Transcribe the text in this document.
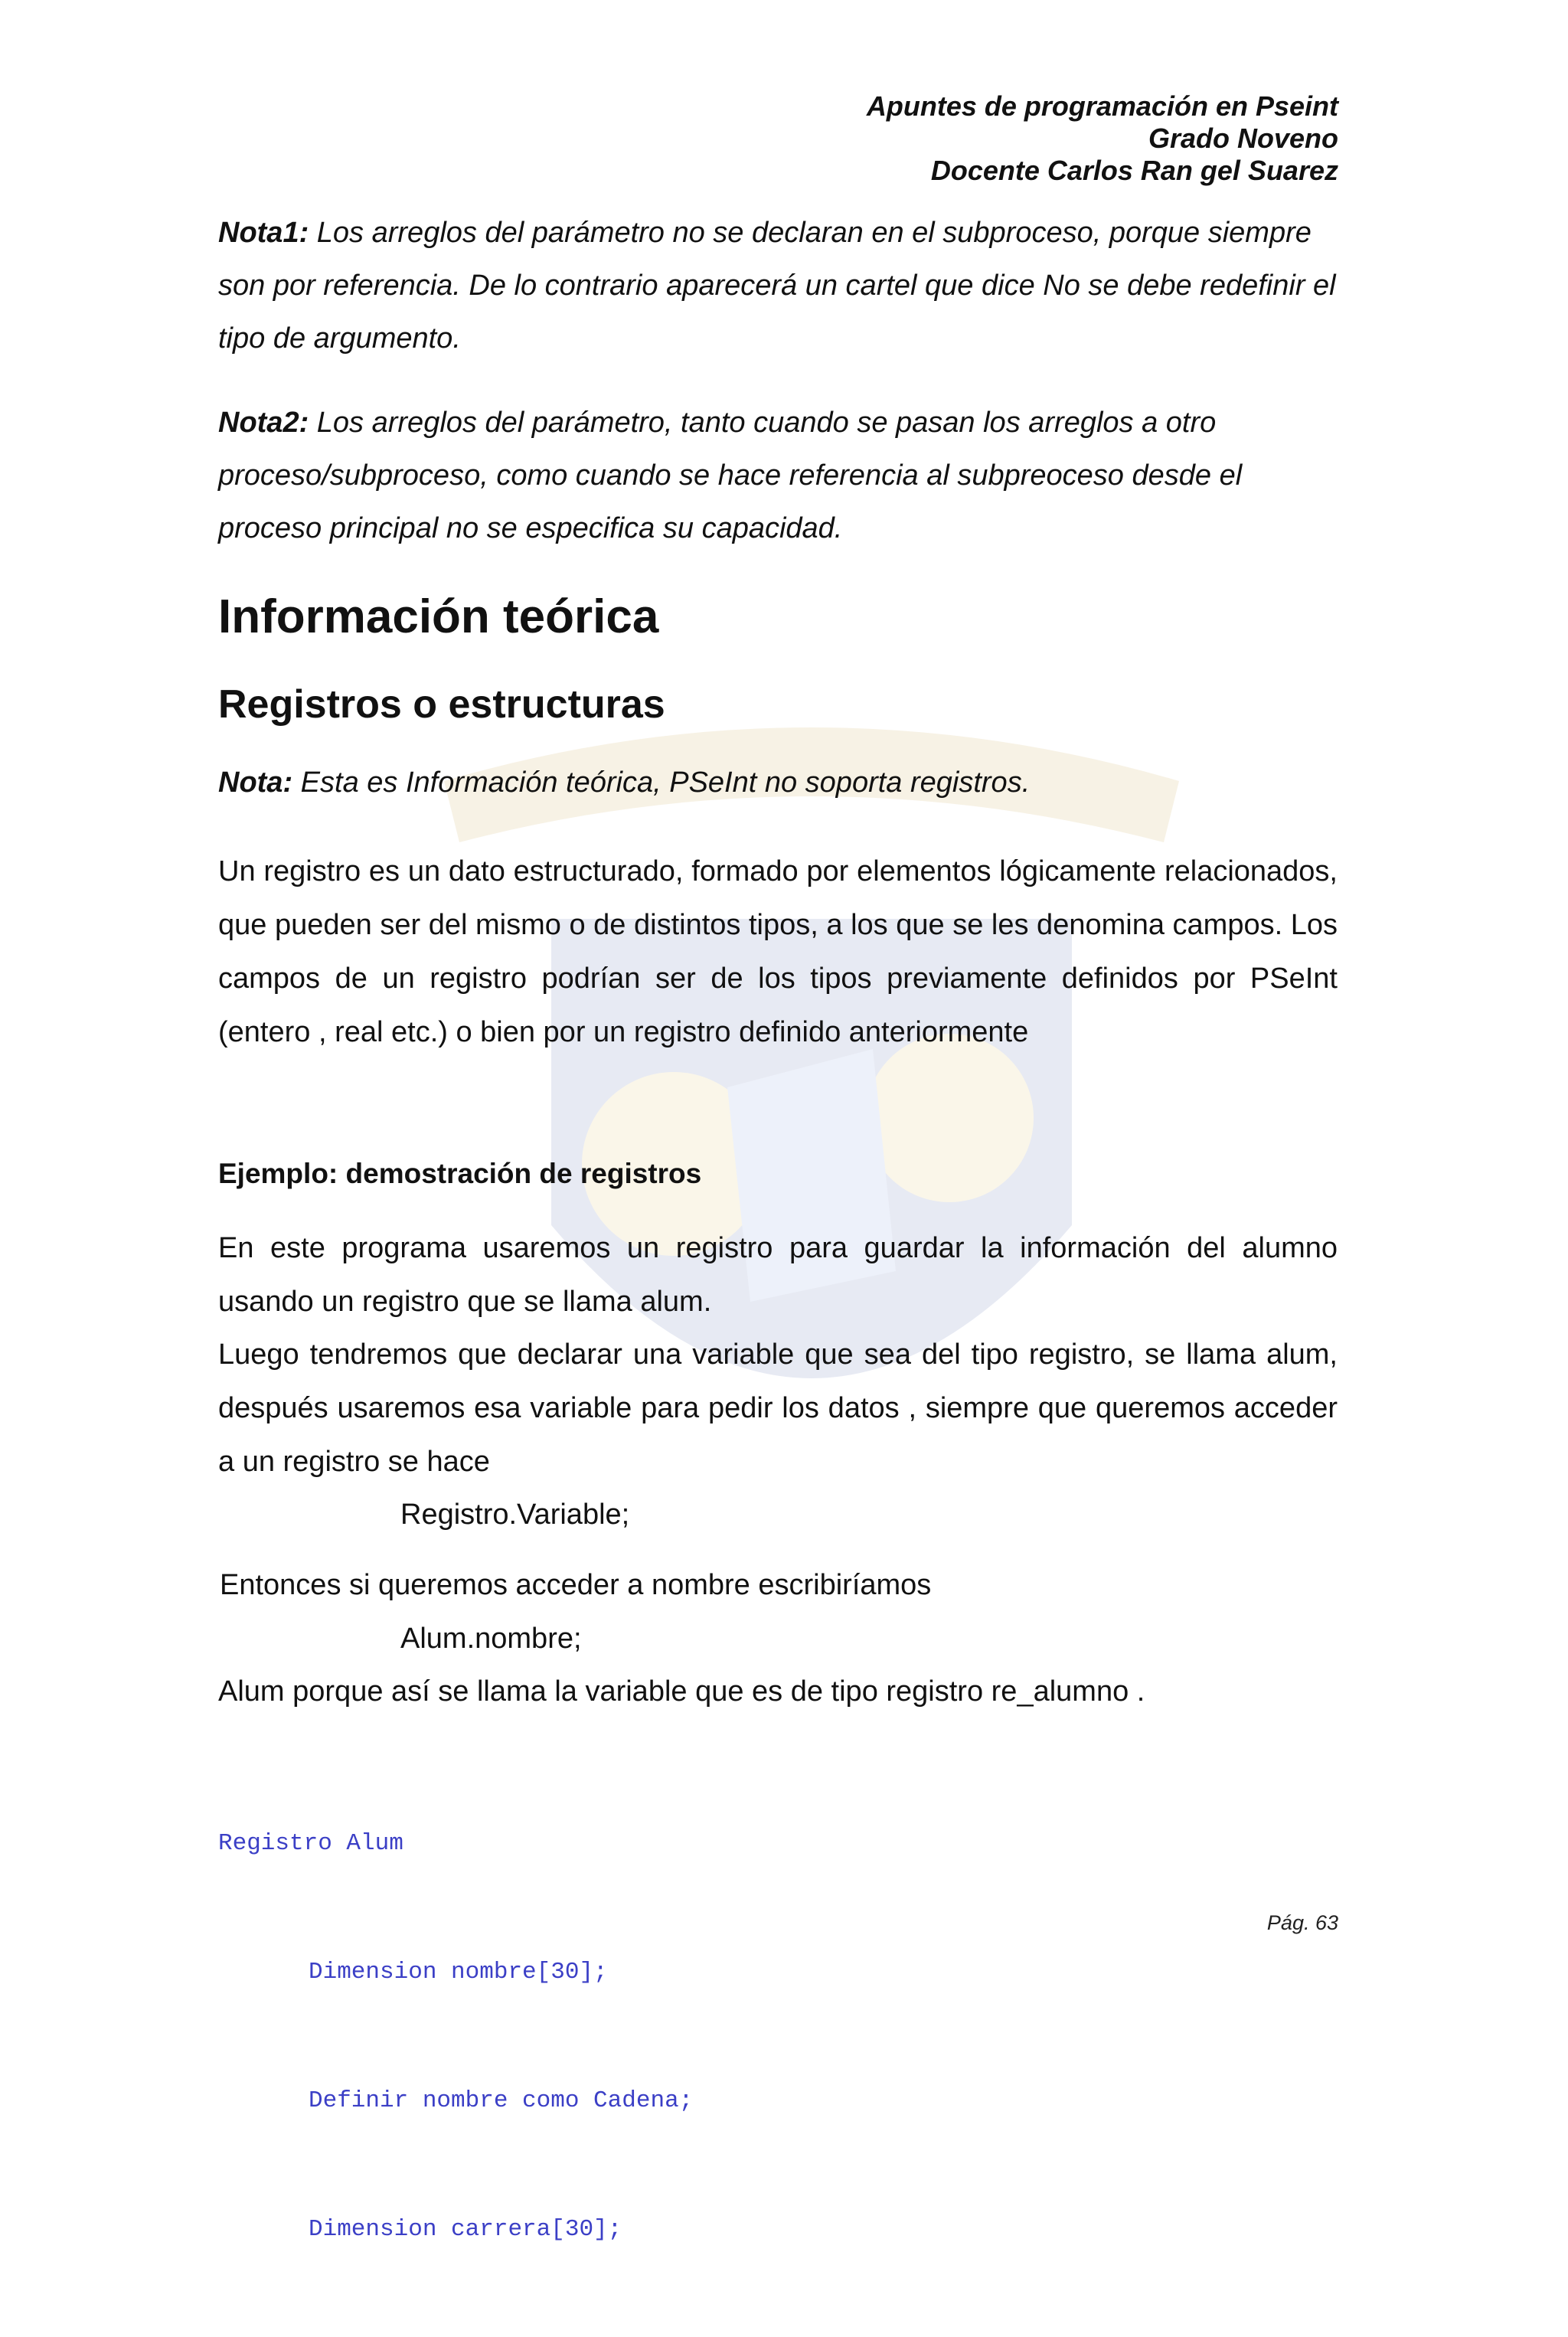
Apuntes de programación en Pseint
Grado Noveno
Docente Carlos Ran gel Suarez
Nota1: Los arreglos del parámetro no se declaran en el subproceso, porque siempre son por referencia. De lo contrario aparecerá un cartel que dice No se debe redefinir el tipo de argumento.
Nota2: Los arreglos del parámetro, tanto cuando se pasan los arreglos a otro proceso/subproceso, como cuando se hace referencia al subpreoceso desde el proceso principal no se especifica su capacidad.
Información teórica
Registros o estructuras
Nota: Esta es Información teórica, PSeInt no soporta registros.
Un registro es un dato estructurado, formado por elementos lógicamente relacionados, que pueden ser del mismo o de distintos tipos, a los que se les denomina campos. Los campos de un registro podrían ser de los tipos previamente definidos por PSeInt (entero , real etc.) o bien por un registro definido anteriormente
Ejemplo: demostración de registros
En este programa usaremos un registro para guardar la información del alumno usando un registro que se llama alum.
Luego tendremos que declarar una variable que sea del tipo registro, se llama alum, después usaremos esa variable para pedir los datos , siempre que queremos acceder a un registro se hace
Registro.Variable;
Entonces si queremos acceder a nombre escribiríamos
Alum.nombre;
Alum porque así se llama la variable que es de tipo registro re_alumno .

Registro Alum

Dimension nombre[30];

Definir nombre como Cadena;

Dimension carrera[30];

Pág. 63
